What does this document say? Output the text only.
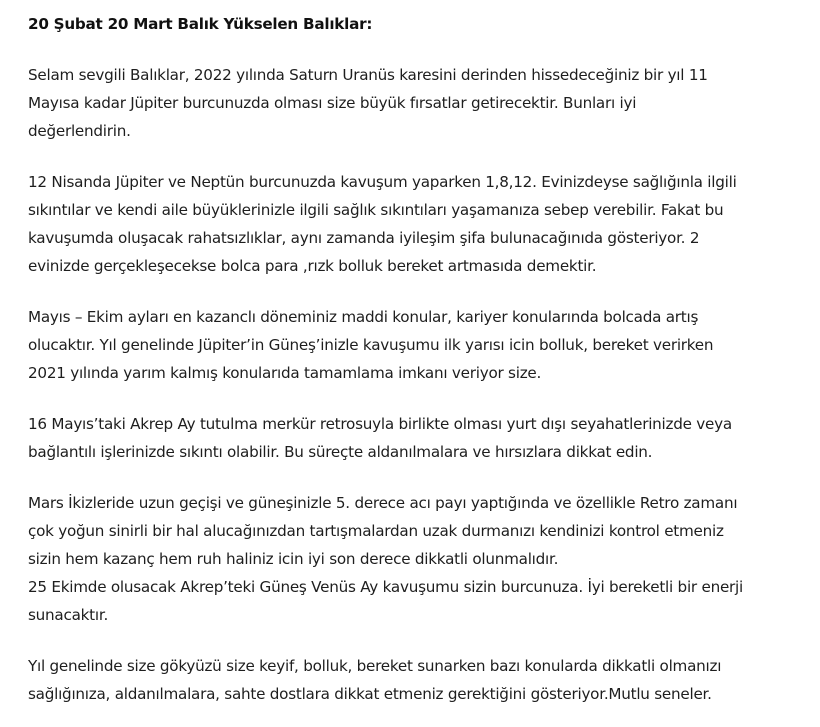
20 Şubat 20 Mart Balık Yükselen Balıklar:

Selam sevgili Balıklar, 2022 yılında Saturn Uranüs karesini derinden hissedeceğiniz bir yıl 11
Mayısa kadar Jüpiter burcunuzda olması size büyük fırsatlar getirecektir. Bunları iyi
değerlendirin.

12 Nisanda Jüpiter ve Neptün burcunuzda kavuşum yaparken 1,8,12. Evinizdeyse sağlığınla ilgili
sıkıntılar ve kendi aile büyüklerinizle ilgili sağlık sıkıntıları yaşamanıza sebep verebilir. Fakat bu
kavuşumda oluşacak rahatsızlıklar, aynı zamanda iyileşim şifa bulunacağınıda gösteriyor. 2
evinizde gerçekleşecekse bolca para ,rızk bolluk bereket artmasıda demektir.

Mayıs – Ekim ayları en kazanclı döneminiz maddi konular, kariyer konularında bolcada artış
olucaktır. Yıl genelinde Jüpiter’in Güneş’inizle kavuşumu ilk yarısı icin bolluk, bereket verirken
2021 yılında yarım kalmış konularıda tamamlama imkanı veriyor size.

16 Mayıs’taki Akrep Ay tutulma merkür retrosuyla birlikte olması yurt dışı seyahatlerinizde veya
bağlantılı işlerinizde sıkıntı olabilir. Bu süreçte aldanılmalara ve hırsızlara dikkat edin.

Mars İkizleride uzun geçişi ve güneşinizle 5. derece acı payı yaptığında ve özellikle Retro zamanı
çok yoğun sinirli bir hal alucağınızdan tartışmalardan uzak durmanızı kendinizi kontrol etmeniz
sizin hem kazanç hem ruh haliniz icin iyi son derece dikkatli olunmalıdır.
25 Ekimde olusacak Akrep’teki Güneş Venüs Ay kavuşumu sizin burcunuza. İyi bereketli bir enerji
sunacaktır.

Yıl genelinde size gökyüzü size keyif, bolluk, bereket sunarken bazı konularda dikkatli olmanızı
sağlığınıza, aldanılmalara, sahte dostlara dikkat etmeniz gerektiğini gösteriyor.Mutlu seneler.
